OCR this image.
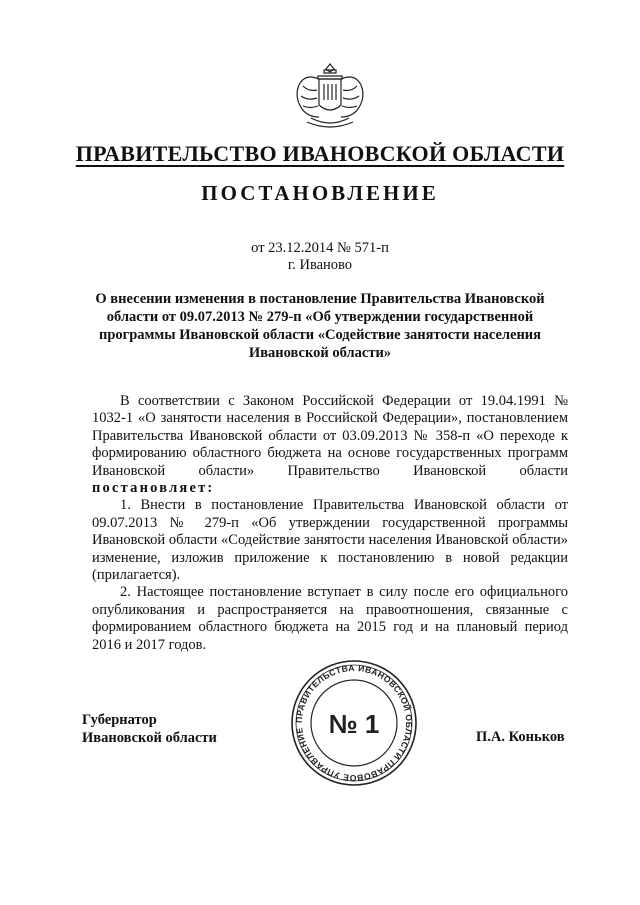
ПРАВИТЕЛЬСТВО ИВАНОВСКОЙ ОБЛАСТИ
ПОСТАНОВЛЕНИЕ
от 23.12.2014 № 571-п
г. Иваново
О внесении изменения в постановление Правительства Ивановской области от 09.07.2013 № 279-п «Об утверждении государственной программы Ивановской области «Содействие занятости населения Ивановской области»

В соответствии с Законом Российской Федерации от 19.04.1991 № 1032-1 «О занятости населения в Российской Федерации», постановлением Правительства Ивановской области от 03.09.2013 № 358-п «О переходе к формированию областного бюджета на основе государственных программ Ивановской области» Правительство Ивановской области постановляет:

1. Внести в постановление Правительства Ивановской области от 09.07.2013 № 279-п «Об утверждении государственной программы Ивановской области «Содействие занятости населения Ивановской области» изменение, изложив приложение к постановлению в новой редакции (прилагается).

2. Настоящее постановление вступает в силу после его официального опубликования и распространяется на правоотношения, связанные с формированием областного бюджета на 2015 год и на плановый период 2016 и 2017 годов.

Губернатор
Ивановской области
ПРАВИТЕЛЬСТВА ИВАНОВСКОЙ ОБЛАСТИ ПРАВОВОЕ УПРАВЛЕНИЕ № 1	П.А. Коньков
